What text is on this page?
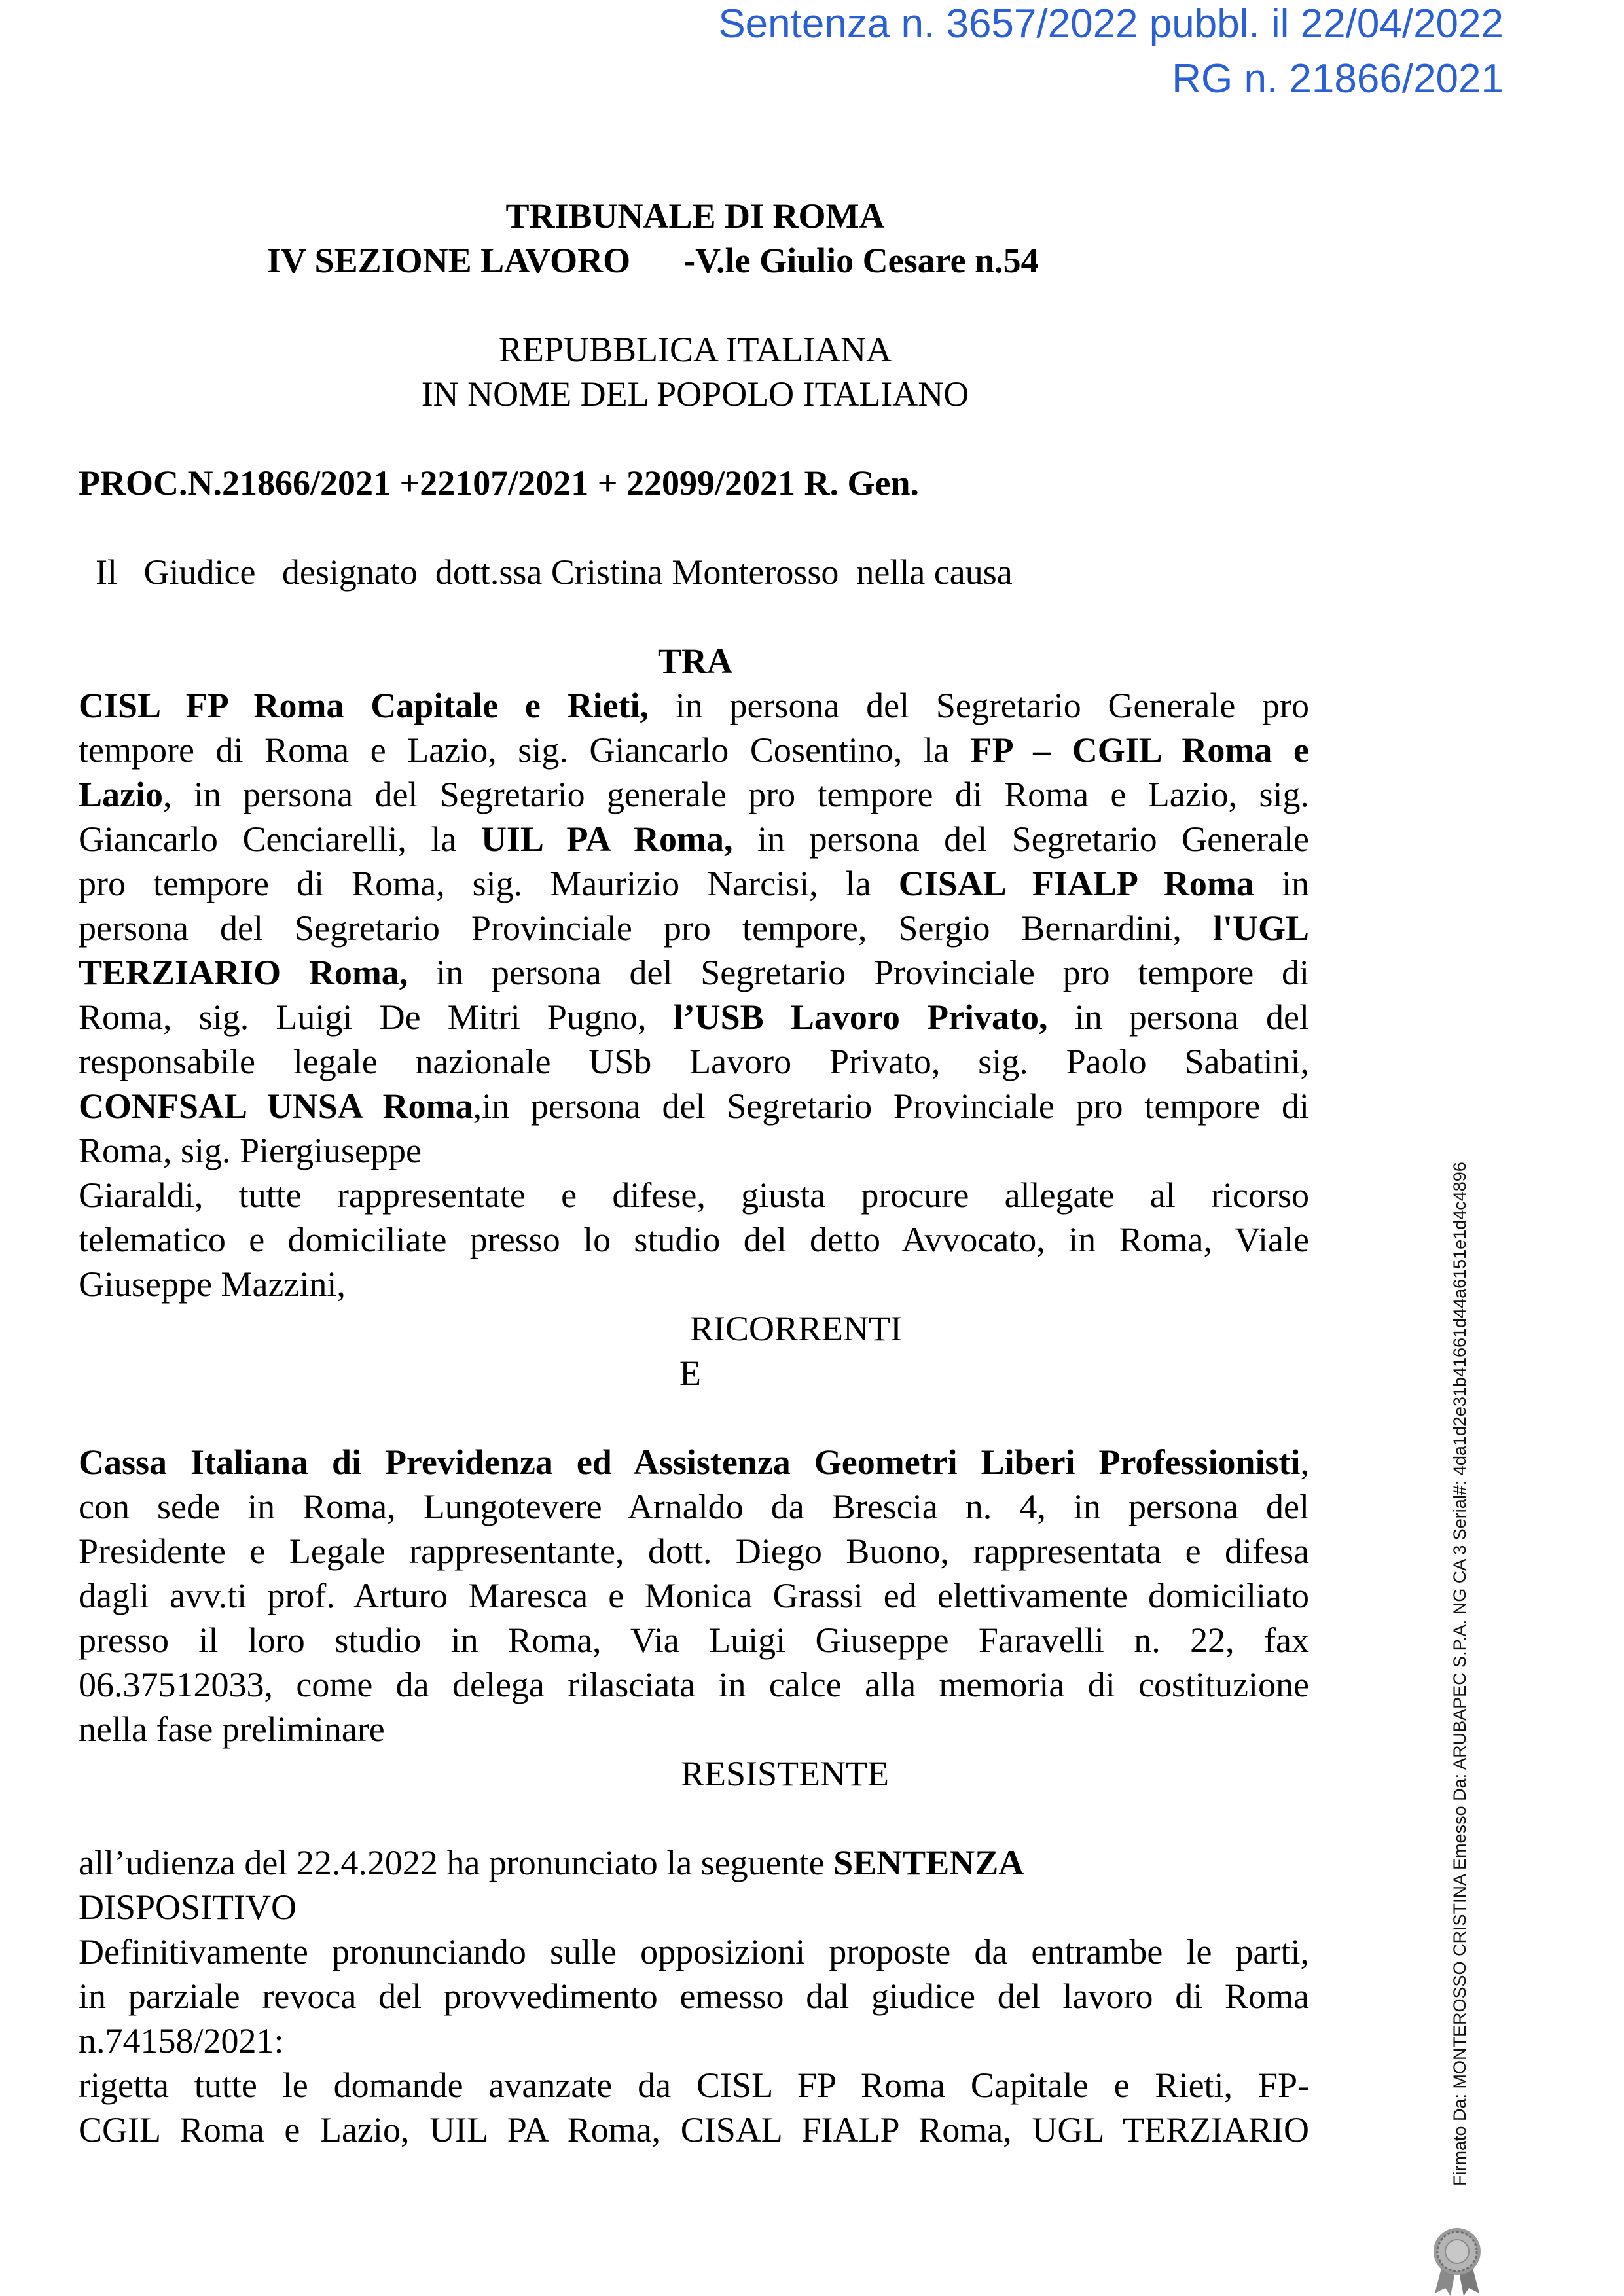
Sentenza n. 3657/2022 pubbl. il 22/04/2022
RG n. 21866/2021
TRIBUNALE DI ROMA
IV SEZIONE LAVORO      -V.le Giulio Cesare n.54
REPUBBLICA ITALIANA
IN NOME DEL POPOLO ITALIANO
PROC.N.21866/2021 +22107/2021 + 22099/2021 R. Gen.
Il   Giudice   designato  dott.ssa Cristina Monterosso  nella causa
TRA
CISL FP Roma Capitale e Rieti, in persona del Segretario Generale pro
tempore di Roma e Lazio, sig. Giancarlo Cosentino, la FP – CGIL Roma e
Lazio, in persona del Segretario generale pro tempore di Roma e Lazio, sig.
Giancarlo Cenciarelli, la UIL PA Roma, in persona del Segretario Generale
pro tempore di Roma, sig. Maurizio Narcisi, la CISAL FIALP Roma in
persona del Segretario Provinciale pro tempore, Sergio Bernardini, l'UGL
TERZIARIO Roma, in persona del Segretario Provinciale pro tempore di
Roma, sig. Luigi De Mitri Pugno, l’USB Lavoro Privato, in persona del
responsabile legale nazionale USb Lavoro Privato, sig. Paolo Sabatini,
CONFSAL UNSA Roma,in persona del Segretario Provinciale pro tempore di
Roma, sig. Piergiuseppe
Giaraldi, tutte rappresentate e difese, giusta procure allegate al ricorso
telematico e domiciliate presso lo studio del detto Avvocato, in Roma, Viale
Giuseppe Mazzini,
RICORRENTI
E
Cassa Italiana di Previdenza ed Assistenza Geometri Liberi Professionisti,
con sede in Roma, Lungotevere Arnaldo da Brescia n. 4, in persona del
Presidente e Legale rappresentante, dott. Diego Buono, rappresentata e difesa
dagli avv.ti prof. Arturo Maresca e Monica Grassi ed elettivamente domiciliato
presso il loro studio in Roma, Via Luigi Giuseppe Faravelli n. 22, fax
06.37512033, come da delega rilasciata in calce alla memoria di costituzione
nella fase preliminare
RESISTENTE
all’udienza del 22.4.2022 ha pronunciato la seguente SENTENZA
DISPOSITIVO
Definitivamente pronunciando sulle opposizioni proposte da entrambe le parti,
in parziale revoca del provvedimento emesso dal giudice del lavoro di Roma
n.74158/2021:
rigetta tutte le domande avanzate da CISL FP Roma Capitale e Rieti, FP-
CGIL Roma e Lazio, UIL PA Roma, CISAL FIALP Roma, UGL TERZIARIO	Firmato Da: MONTEROSSO CRISTINA Emesso Da: ARUBAPEC S.P.A. NG CA 3 Serial#: 4da1d2e31b41661d44a6151e1d4c4896
